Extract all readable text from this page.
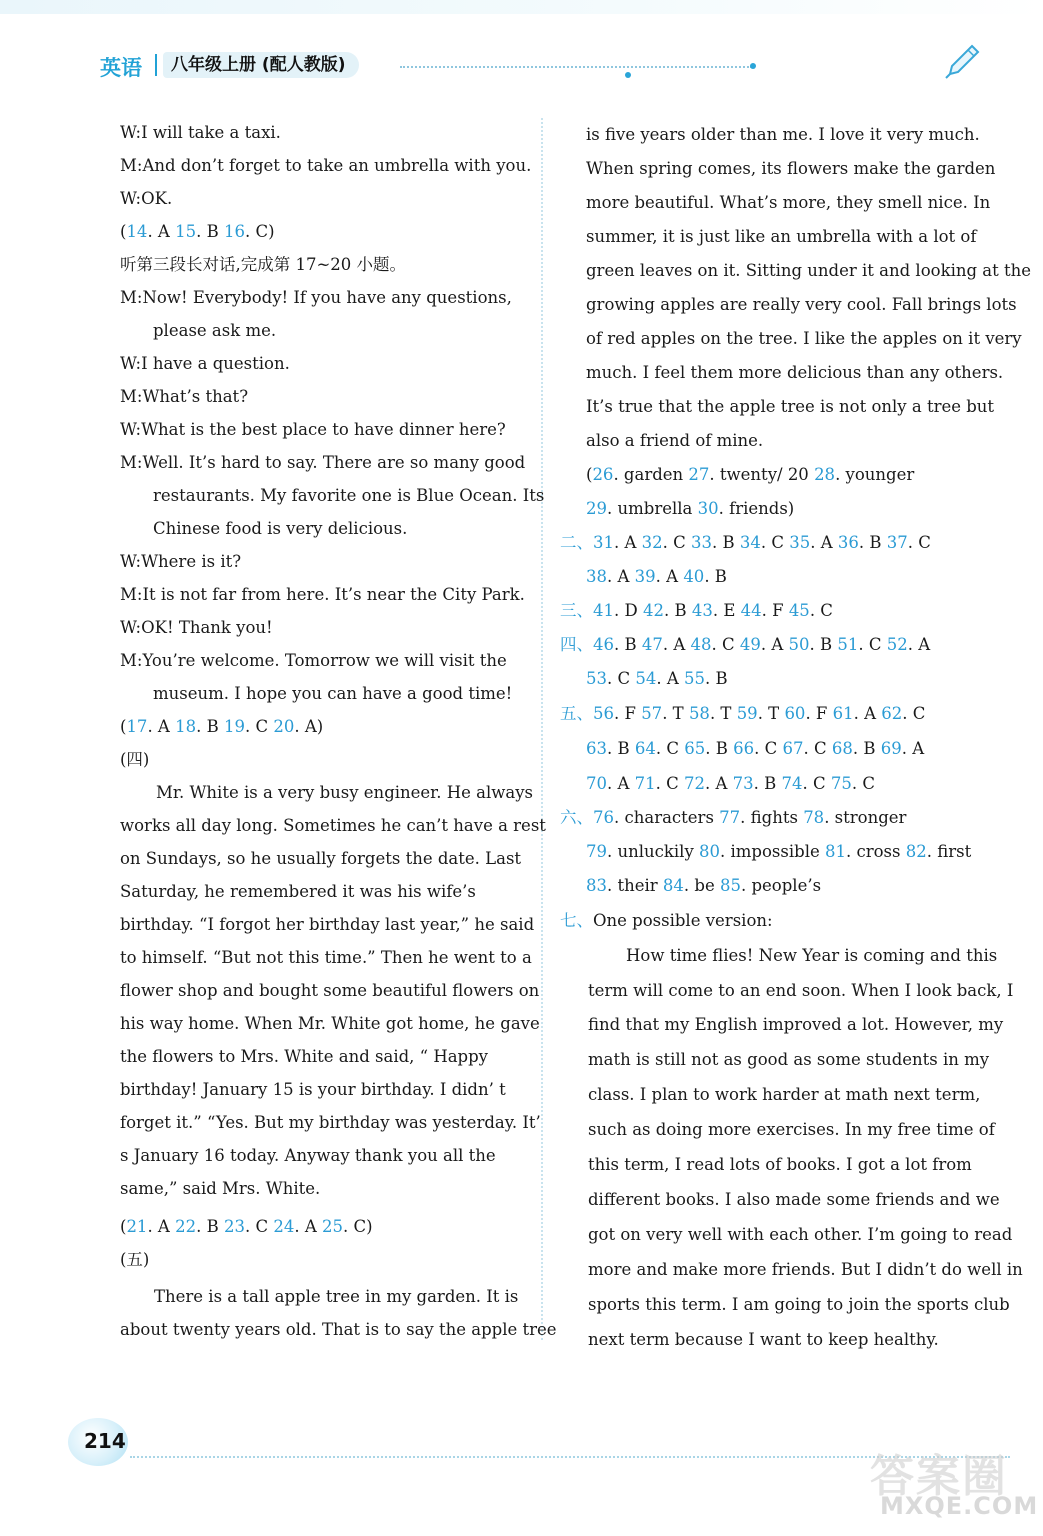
英语	八年级上册 (配人教版)
W:I will take a taxi.
M:And don’t forget to take an umbrella with you.
W:OK.
(14. A 15. B 16. C)
听第三段长对话,完成第 17~20 小题。
M:Now! Everybody! If you have any questions,
please ask me.
W:I have a question.
M:What’s that?
W:What is the best place to have dinner here?
M:Well. It’s hard to say. There are so many good
restaurants. My favorite one is Blue Ocean. Its
Chinese food is very delicious.
W:Where is it?
M:It is not far from here. It’s near the City Park.
W:OK! Thank you!
M:You’re welcome. Tomorrow we will visit the
museum. I hope you can have a good time!
(17. A 18. B 19. C 20. A)
(四)
Mr. White is a very busy engineer. He always
works all day long. Sometimes he can’t have a rest
on Sundays, so he usually forgets the date. Last
Saturday, he remembered it was his wife’s
birthday. “I forgot her birthday last year,” he said
to himself. “But not this time.” Then he went to a
flower shop and bought some beautiful flowers on
his way home. When Mr. White got home, he gave
the flowers to Mrs. White and said, “ Happy
birthday! January 15 is your birthday. I didn’ t
forget it.” “Yes. But my birthday was yesterday. It’
s January 16 today. Anyway thank you all the
same,” said Mrs. White.
(21. A 22. B 23. C 24. A 25. C)
(五)
There is a tall apple tree in my garden. It is
about twenty years old. That is to say the apple tree
is five years older than me. I love it very much.
When spring comes, its flowers make the garden
more beautiful. What’s more, they smell nice. In
summer, it is just like an umbrella with a lot of
green leaves on it. Sitting under it and looking at the
growing apples are really very cool. Fall brings lots
of red apples on the tree. I like the apples on it very
much. I feel them more delicious than any others.
It’s true that the apple tree is not only a tree but
also a friend of mine.
(26. garden 27. twenty/ 20 28. younger
29. umbrella 30. friends)
二、31. A 32. C 33. B 34. C 35. A 36. B 37. C
38. A 39. A 40. B
三、41. D 42. B 43. E 44. F 45. C
四、46. B 47. A 48. C 49. A 50. B 51. C 52. A
53. C 54. A 55. B
五、56. F 57. T 58. T 59. T 60. F 61. A 62. C
63. B 64. C 65. B 66. C 67. C 68. B 69. A
70. A 71. C 72. A 73. B 74. C 75. C
六、76. characters 77. fights 78. stronger
79. unluckily 80. impossible 81. cross 82. first
83. their 84. be 85. people’s
七、One possible version:
How time flies! New Year is coming and this
term will come to an end soon. When I look back, I
find that my English improved a lot. However, my
math is still not as good as some students in my
class. I plan to work harder at math next term,
such as doing more exercises. In my free time of
this term, I read lots of books. I got a lot from
different books. I also made some friends and we
got on very well with each other. I’m going to read
more and make more friends. But I didn’t do well in
sports this term. I am going to join the sports club
next term because I want to keep healthy.
214
答案圈
MXQE.COM
